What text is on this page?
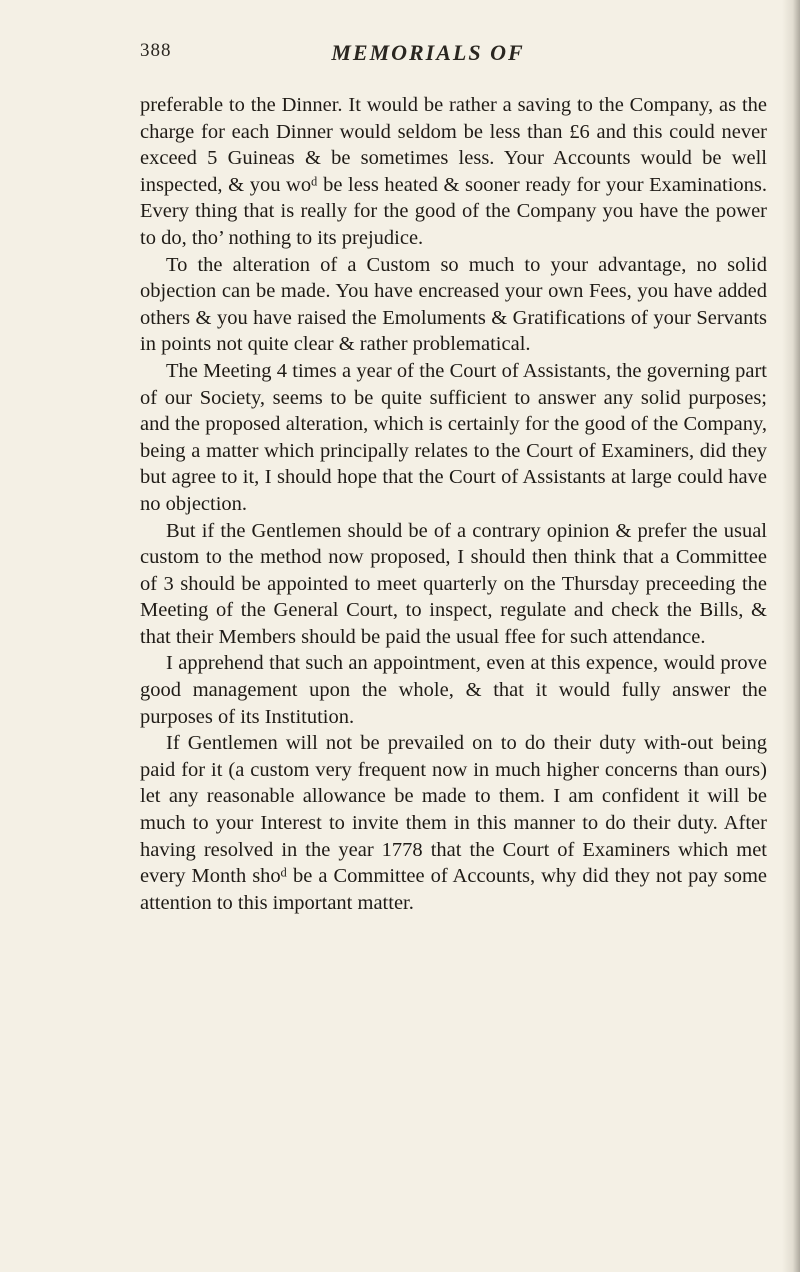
388	MEMORIALS OF

preferable to the Dinner. It would be rather a saving to the Company, as the charge for each Dinner would seldom be less than £6 and this could never exceed 5 Guineas & be sometimes less. Your Accounts would be well inspected, & you woᵈ be less heated & sooner ready for your Examinations. Every thing that is really for the good of the Company you have the power to do, tho’ nothing to its prejudice.

To the alteration of a Custom so much to your advantage, no solid objection can be made. You have encreased your own Fees, you have added others & you have raised the Emoluments & Gratifications of your Servants in points not quite clear & rather problematical.

The Meeting 4 times a year of the Court of Assistants, the governing part of our Society, seems to be quite sufficient to answer any solid purposes; and the proposed alteration, which is certainly for the good of the Company, being a matter which principally relates to the Court of Examiners, did they but agree to it, I should hope that the Court of Assistants at large could have no objection.

But if the Gentlemen should be of a contrary opinion & prefer the usual custom to the method now proposed, I should then think that a Committee of 3 should be appointed to meet quarterly on the Thursday preceeding the Meeting of the General Court, to inspect, regulate and check the Bills, & that their Members should be paid the usual ffee for such attendance.

I apprehend that such an appointment, even at this expence, would prove good management upon the whole, & that it would fully answer the purposes of its Institution.

If Gentlemen will not be prevailed on to do their duty with-out being paid for it (a custom very frequent now in much higher concerns than ours) let any reasonable allowance be made to them. I am confident it will be much to your Interest to invite them in this manner to do their duty. After having resolved in the year 1778 that the Court of Examiners which met every Month shoᵈ be a Committee of Accounts, why did they not pay some attention to this important matter.
